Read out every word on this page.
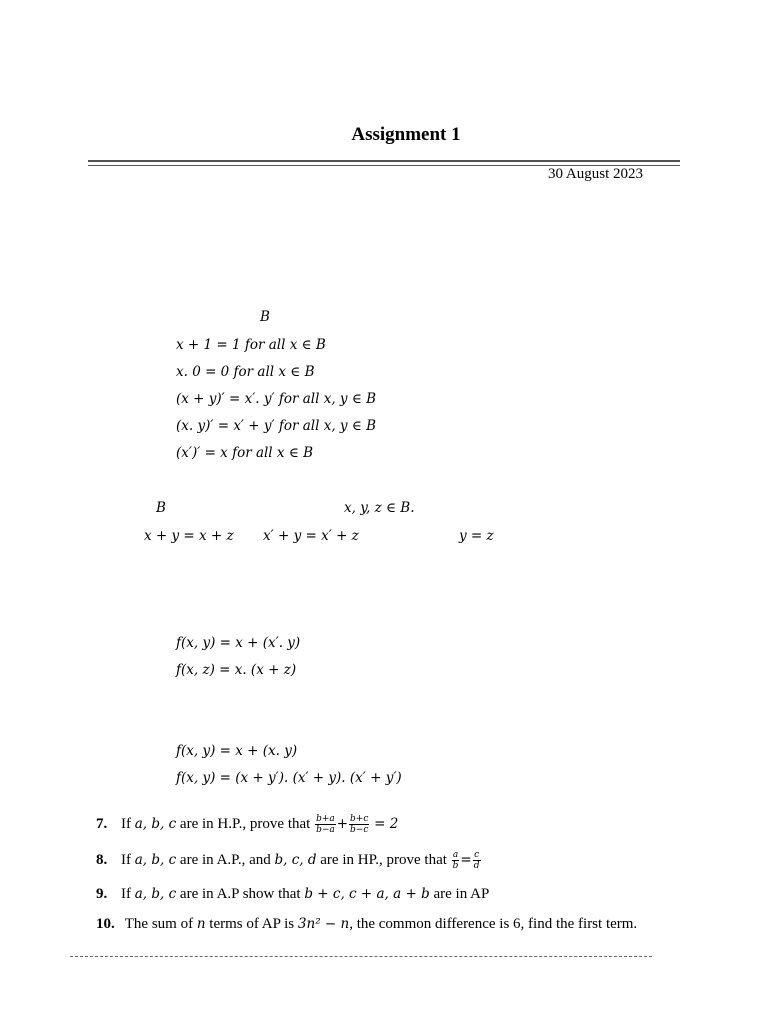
Assignment 1
30 August 2023
B
x + 1 = 1 for all x ∈ B
x. 0 = 0 for all x ∈ B
(x + y)′ = x′. y′ for all x, y ∈ B
(x. y)′ = x′ + y′ for all x, y ∈ B
(x′)′ = x for all x ∈ B
B	x, y, z ∈ B.
x + y = x + z x′ + y = x′ + z	y = z
f(x, y) = x + (x′. y)
f(x, z) = x. (x + z)
f(x, y) = x + (x. y)
f(x, y) = (x + y′). (x′ + y). (x′ + y′)
7. If a, b, c are in H.P., prove that $\frac{b+a}{b-a} + \frac{b+c}{b-c} = 2$
8. If a, b, c are in A.P., and b, c, d are in HP., prove that $\frac{a}{b} = \frac{c}{d}$
9. If a, b, c are in A.P show that b + c, c + a, a + b are in AP
10. The sum of n terms of AP is 3n² − n, the common difference is 6, find the first term.
